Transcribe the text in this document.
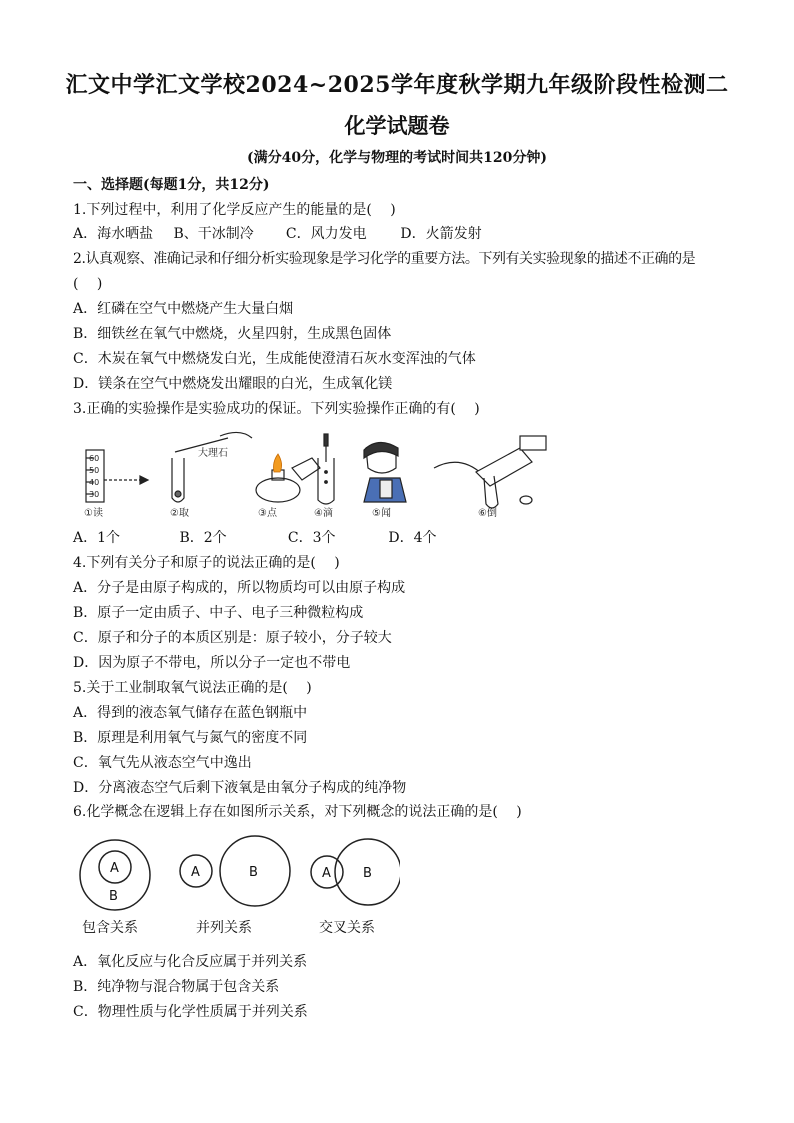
汇文中学汇文学校2024~2025学年度秋学期九年级阶段性检测二
化学试题卷
(满分40分，化学与物理的考试时间共120分钟)
一、选择题(每题1分，共12分)
1.下列过程中，利用了化学反应产生的能量的是(　 )
A．海水晒盐 B、干冰制冷 C．风力发电 D．火箭发射
2.认真观察、准确记录和仔细分析实验现象是学习化学的重要方法。下列有关实验现象的描述不正确的是
(　 )
A．红磷在空气中燃烧产生大量白烟
B．细铁丝在氧气中燃烧，火星四射，生成黑色固体
C．木炭在氧气中燃烧发白光，生成能使澄清石灰水变浑浊的气体
D．镁条在空气中燃烧发出耀眼的白光，生成氧化镁
3.正确的实验操作是实验成功的保证。下列实验操作正确的有(　 )
60
50
40
30
①读
大理石
②取	③点	④滴	⑤闻	⑥倒
A．1个	B．2个	C．3个	D．4个
4.下列有关分子和原子的说法正确的是(　 )
A．分子是由原子构成的，所以物质均可以由原子构成
B．原子一定由质子、中子、电子三种微粒构成
C．原子和分子的本质区别是：原子较小，分子较大
D．因为原子不带电，所以分子一定也不带电
5.关于工业制取氧气说法正确的是(　 )
A．得到的液态氧气储存在蓝色钢瓶中
B．原理是利用氧气与氮气的密度不同
C．氧气先从液态空气中逸出
D．分离液态空气后剩下液氧是由氧分子构成的纯净物
6.化学概念在逻辑上存在如图所示关系，对下列概念的说法正确的是(　 )
A
B
A	B	A B
包含关系	并列关系	交叉关系
A．氧化反应与化合反应属于并列关系
B．纯净物与混合物属于包含关系
C．物理性质与化学性质属于并列关系
